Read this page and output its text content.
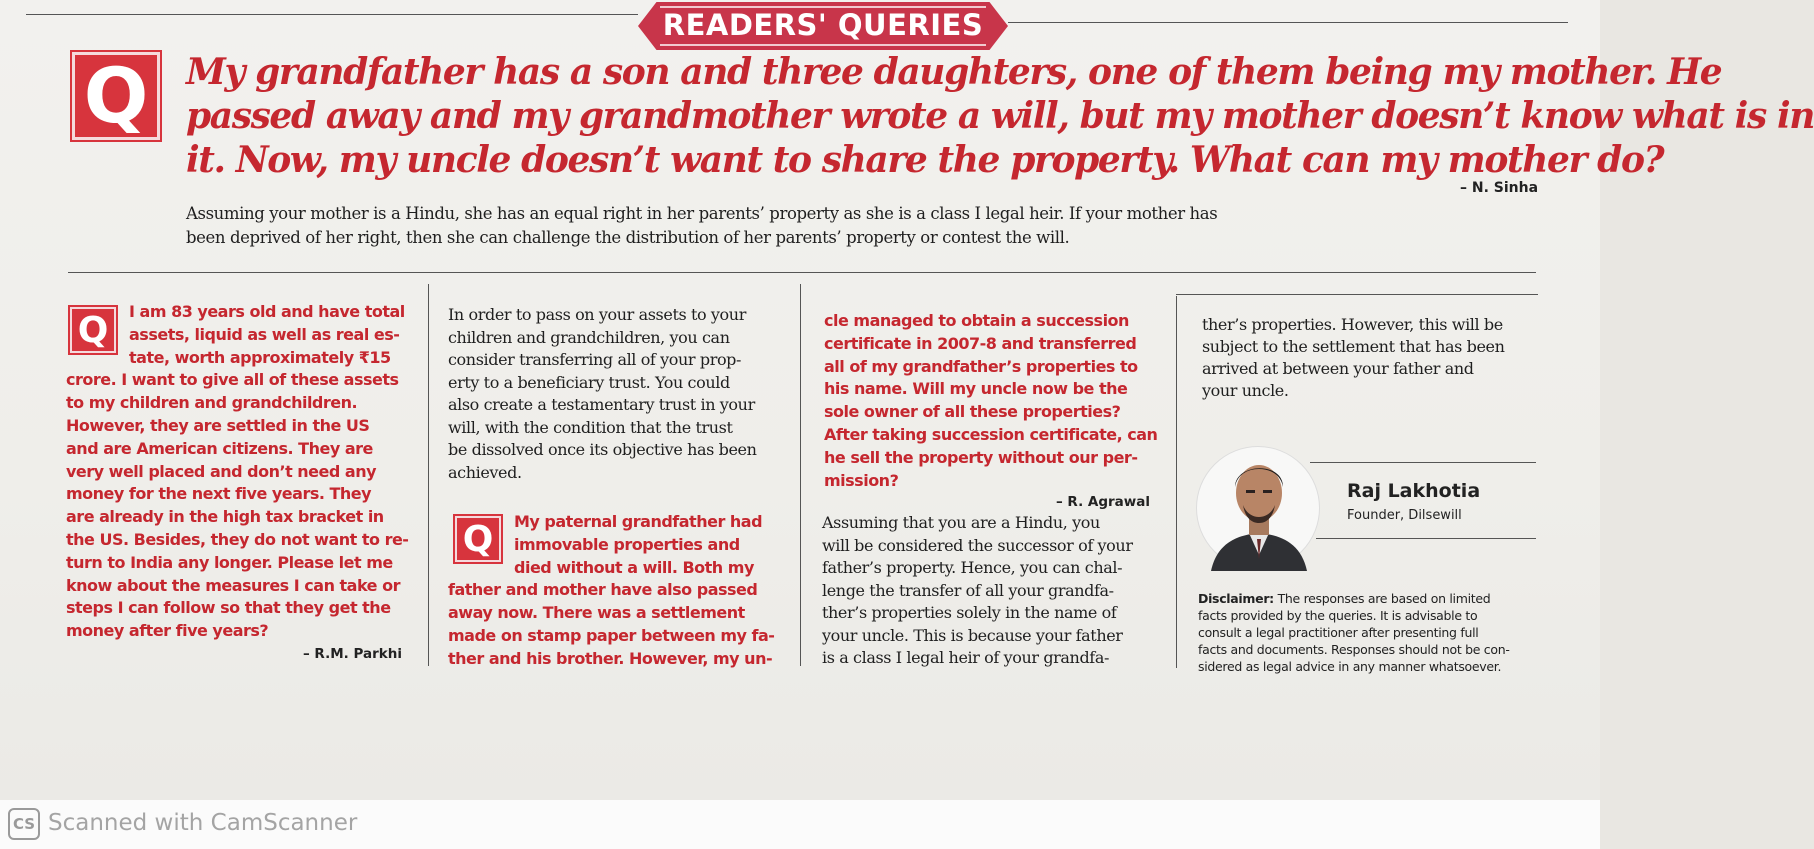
READERS' QUERIES
Q	My grandfather has a son and three daughters, one of them being my mother. He
passed away and my grandmother wrote a will, but my mother doesn’t know what is in
it. Now, my uncle doesn’t want to share the property. What can my mother do?
– N. Sinha
Assuming your mother is a Hindu, she has an equal right in her parents’ property as she is a class I legal heir. If your mother has
been deprived of her right, then she can challenge the distribution of her parents’ property or contest the will.
Q	I am 83 years old and have total
assets, liquid as well as real es-
tate, worth approximately ₹15
crore. I want to give all of these assets
to my children and grandchildren.
However, they are settled in the US
and are American citizens. They are
very well placed and don’t need any
money for the next five years. They
are already in the high tax bracket in
the US. Besides, they do not want to re-
turn to India any longer. Please let me
know about the measures I can take or
steps I can follow so that they get the
money after five years?
– R.M. Parkhi
In order to pass on your assets to your
children and grandchildren, you can
consider transferring all of your prop-
erty to a beneficiary trust. You could
also create a testamentary trust in your
will, with the condition that the trust
be dissolved once its objective has been
achieved.
Q	My paternal grandfather had
immovable properties and
died without a will. Both my
father and mother have also passed
away now. There was a settlement
made on stamp paper between my fa-
ther and his brother. However, my un-
cle managed to obtain a succession
certificate in 2007-8 and transferred
all of my grandfather’s properties to
his name. Will my uncle now be the
sole owner of all these properties?
After taking succession certificate, can
he sell the property without our per-
mission?
– R. Agrawal
Assuming that you are a Hindu, you
will be considered the successor of your
father’s property. Hence, you can chal-
lenge the transfer of all your grandfa-
ther’s properties solely in the name of
your uncle. This is because your father
is a class I legal heir of your grandfa-
ther’s properties. However, this will be
subject to the settlement that has been
arrived at between your father and
your uncle.
Raj Lakhotia
Founder, Dilsewill
Disclaimer: The responses are based on limited
facts provided by the queries. It is advisable to
consult a legal practitioner after presenting full
facts and documents. Responses should not be con-
sidered as legal advice in any manner whatsoever.
CS Scanned with CamScanner
